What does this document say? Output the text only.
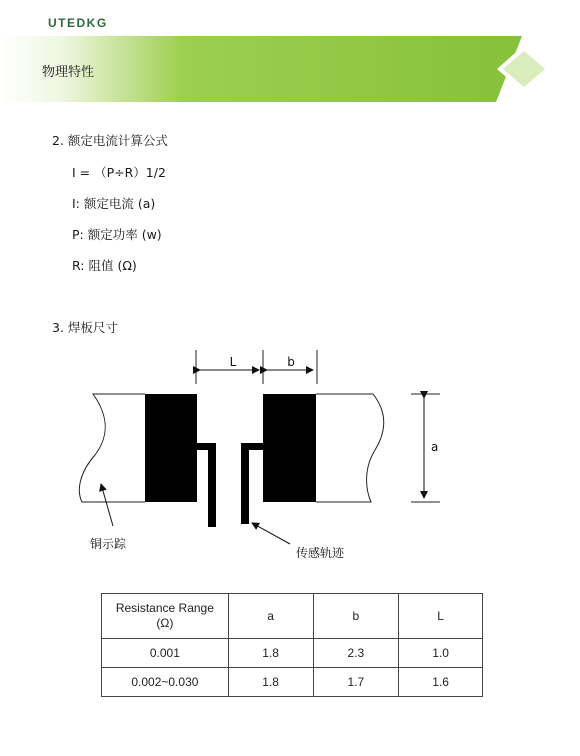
UTEDKG
物理特性
2. 额定电流计算公式
I = （P÷R）1/2
I: 额定电流 (a)
P: 额定功率 (w)
R: 阻值 (Ω)
3. 焊板尺寸
L	b
a
铜示踪
传感轨迹
Resistance Range
(Ω)	a	b	L
0.001	1.8	2.3	1.0
0.002~0.030	1.8	1.7	1.6
